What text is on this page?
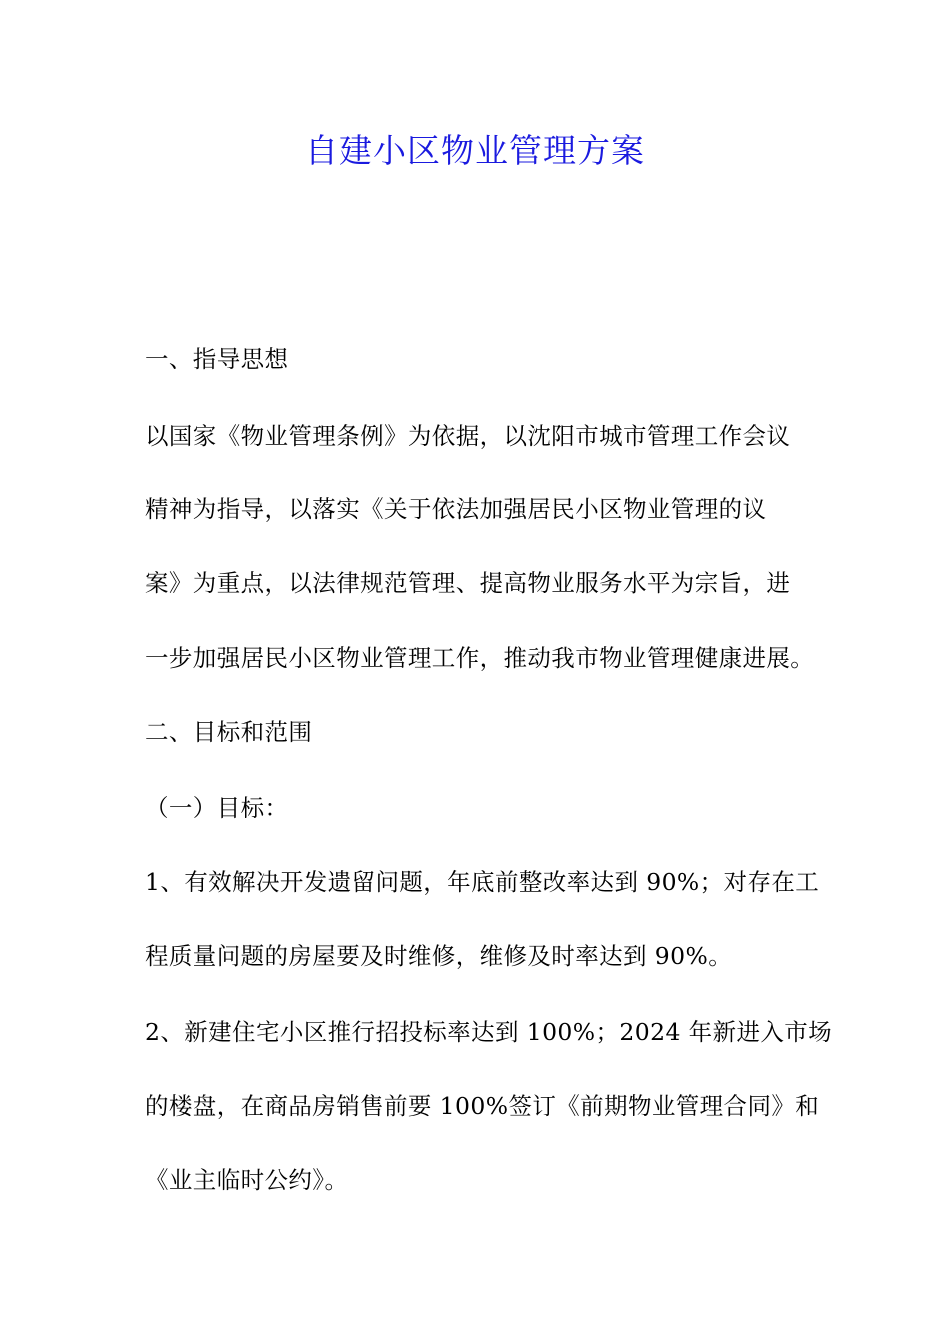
自建小区物业管理方案

一、指导思想

以国家《物业管理条例》为依据，以沈阳市城市管理工作会议

精神为指导，以落实《关于依法加强居民小区物业管理的议

案》为重点，以法律规范管理、提高物业服务水平为宗旨，进

一步加强居民小区物业管理工作，推动我市物业管理健康进展。

二、目标和范围

（一）目标：

1、有效解决开发遗留问题，年底前整改率达到 90%；对存在工

程质量问题的房屋要及时维修，维修及时率达到 90%。

2、新建住宅小区推行招投标率达到 100%；2024 年新进入市场

的楼盘，在商品房销售前要 100%签订《前期物业管理合同》和

《业主临时公约》。
